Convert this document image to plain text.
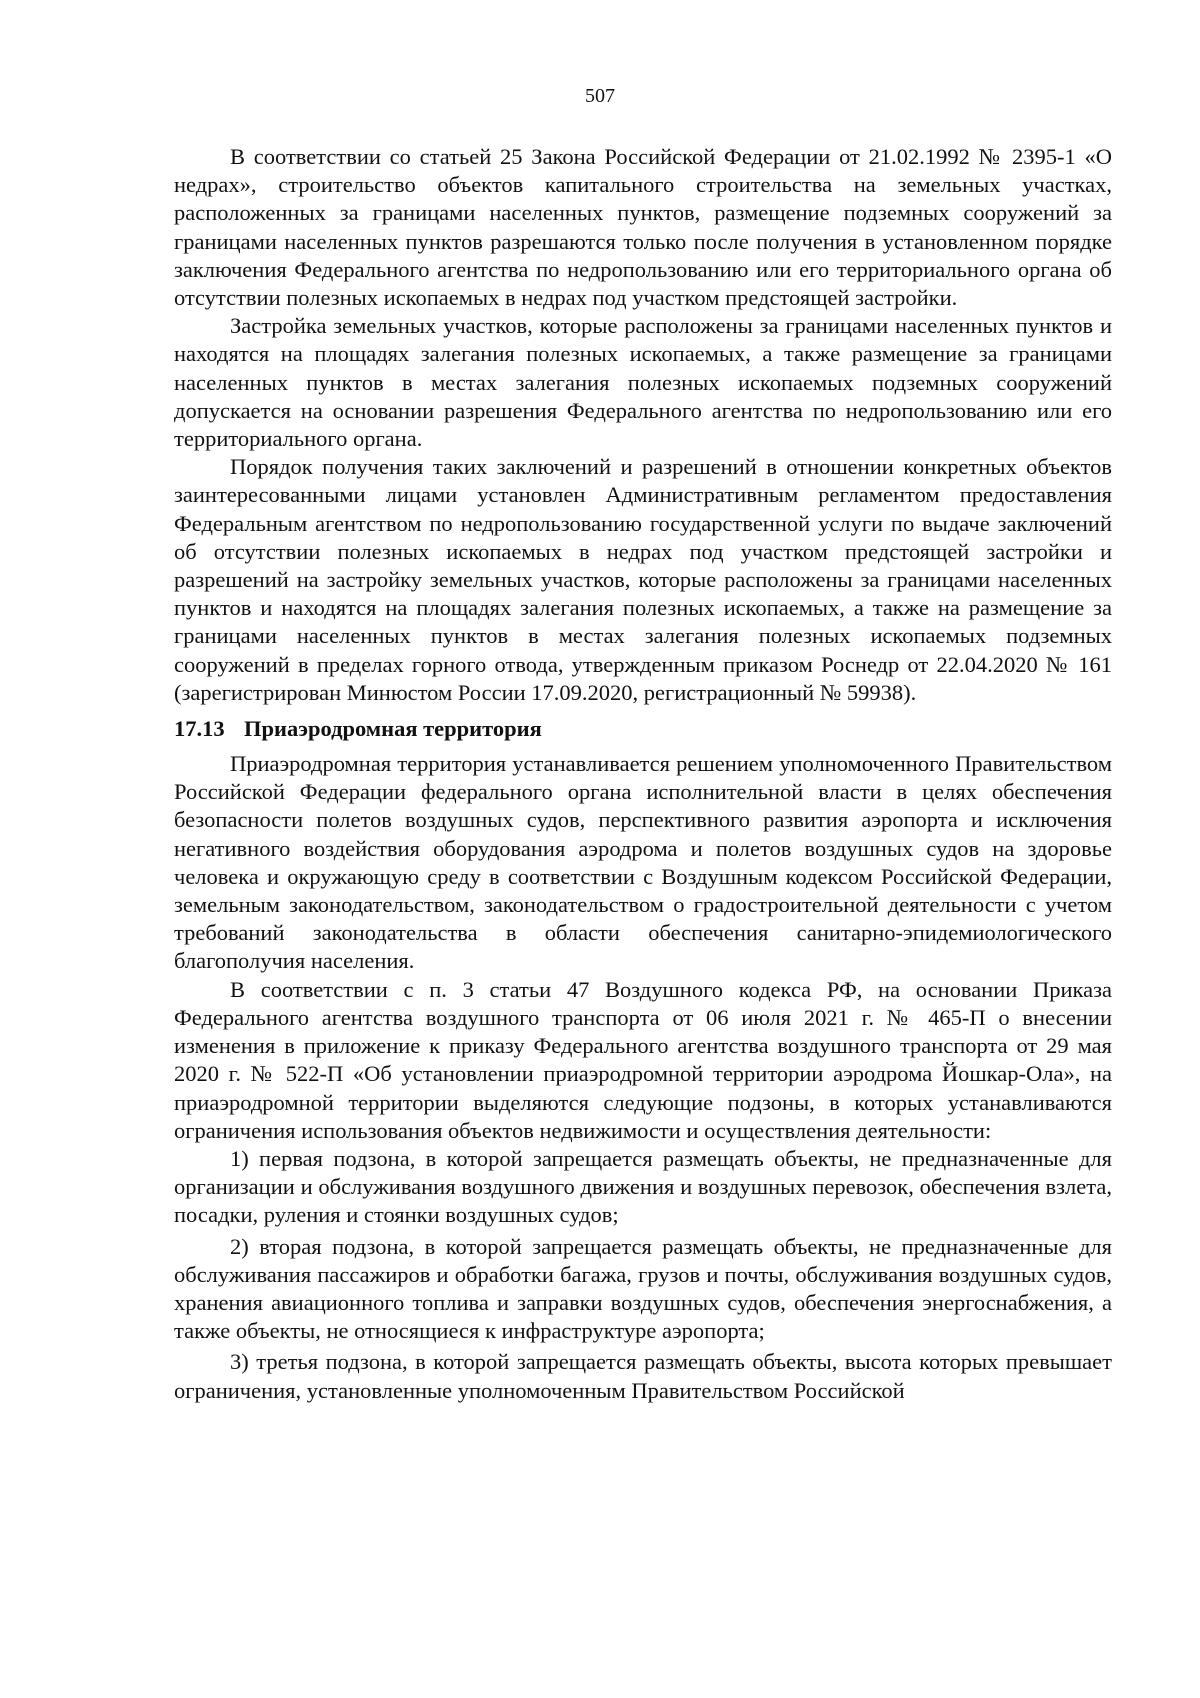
507

В соответствии со статьей 25 Закона Российской Федерации от 21.02.1992 № 2395-1 «О недрах», строительство объектов капитального строительства на земельных участках, расположенных за границами населенных пунктов, размещение подземных сооружений за границами населенных пунктов разрешаются только после получения в установленном порядке заключения Федерального агентства по недропользованию или его территориального органа об отсутствии полезных ископаемых в недрах под участком предстоящей застройки.

Застройка земельных участков, которые расположены за границами населенных пунктов и находятся на площадях залегания полезных ископаемых, а также размещение за границами населенных пунктов в местах залегания полезных ископаемых подземных сооружений допускается на основании разрешения Федерального агентства по недропользованию или его территориального органа.

Порядок получения таких заключений и разрешений в отношении конкретных объектов заинтересованными лицами установлен Административным регламентом предоставления Федеральным агентством по недропользованию государственной услуги по выдаче заключений об отсутствии полезных ископаемых в недрах под участком предстоящей застройки и разрешений на застройку земельных участков, которые расположены за границами населенных пунктов и находятся на площадях залегания полезных ископаемых, а также на размещение за границами населенных пунктов в местах залегания полезных ископаемых подземных сооружений в пределах горного отвода, утвержденным приказом Роснедр от 22.04.2020 № 161 (зарегистрирован Минюстом России 17.09.2020, регистрационный № 59938).

17.13 Приаэродромная территория

Приаэродромная территория устанавливается решением уполномоченного Правительством Российской Федерации федерального органа исполнительной власти в целях обеспечения безопасности полетов воздушных судов, перспективного развития аэропорта и исключения негативного воздействия оборудования аэродрома и полетов воздушных судов на здоровье человека и окружающую среду в соответствии с Воздушным кодексом Российской Федерации, земельным законодательством, законодательством о градостроительной деятельности с учетом требований законодательства в области обеспечения санитарно-эпидемиологического благополучия населения.

В соответствии с п. 3 статьи 47 Воздушного кодекса РФ, на основании Приказа Федерального агентства воздушного транспорта от 06 июля 2021 г. № 465-П о внесении изменения в приложение к приказу Федерального агентства воздушного транспорта от 29 мая 2020 г. № 522-П «Об установлении приаэродромной территории аэродрома Йошкар-Ола», на приаэродромной территории выделяются следующие подзоны, в которых устанавливаются ограничения использования объектов недвижимости и осуществления деятельности:

1) первая подзона, в которой запрещается размещать объекты, не предназначенные для организации и обслуживания воздушного движения и воздушных перевозок, обеспечения взлета, посадки, руления и стоянки воздушных судов;

2) вторая подзона, в которой запрещается размещать объекты, не предназначенные для обслуживания пассажиров и обработки багажа, грузов и почты, обслуживания воздушных судов, хранения авиационного топлива и заправки воздушных судов, обеспечения энергоснабжения, а также объекты, не относящиеся к инфраструктуре аэропорта;

3) третья подзона, в которой запрещается размещать объекты, высота которых превышает ограничения, установленные уполномоченным Правительством Российской
